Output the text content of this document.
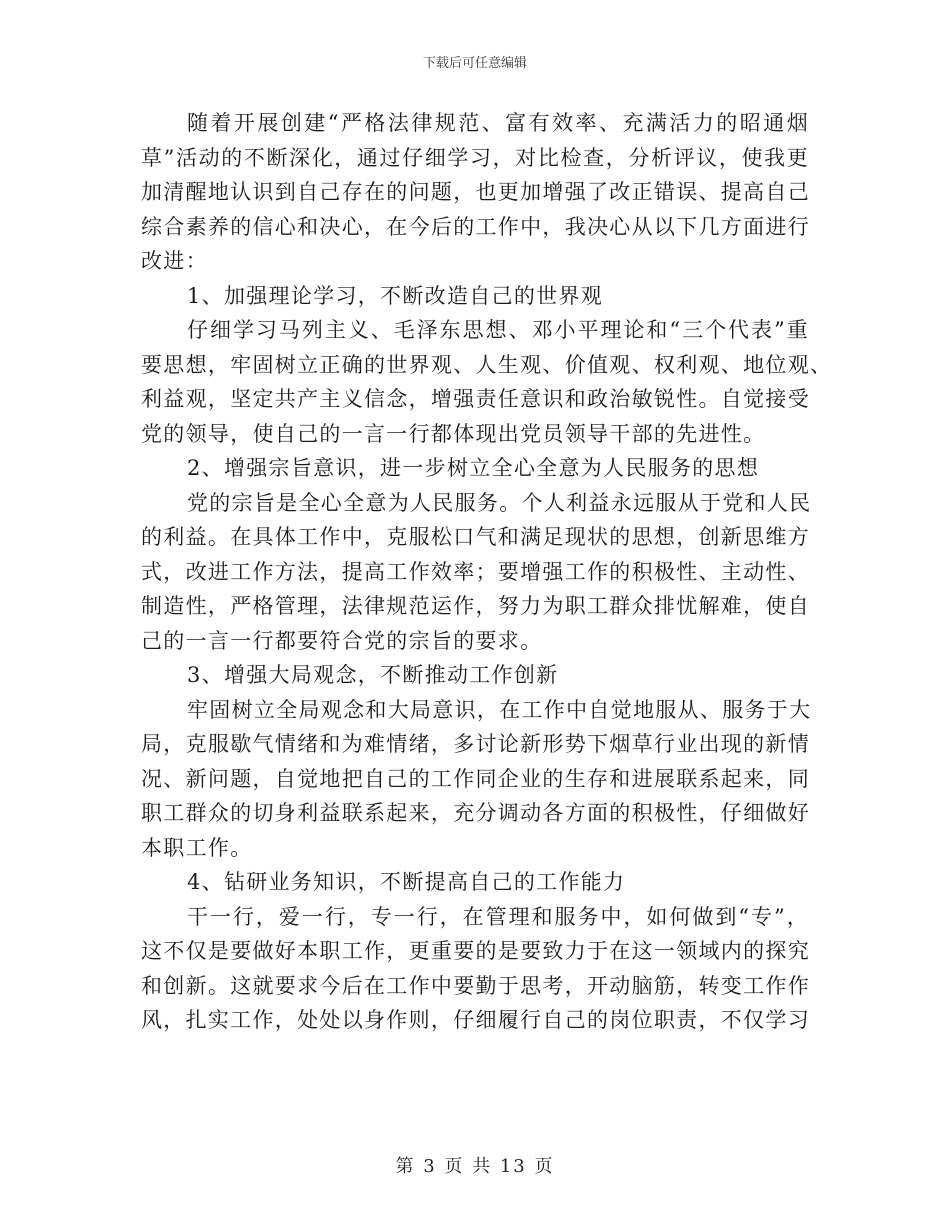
下载后可任意编辑
随着开展创建“严格法律规范、富有效率、充满活力的昭通烟
草”活动的不断深化，通过仔细学习，对比检查，分析评议，使我更
加清醒地认识到自己存在的问题，也更加增强了改正错误、提高自己
综合素养的信心和决心，在今后的工作中，我决心从以下几方面进行
改进：
1、加强理论学习，不断改造自己的世界观
仔细学习马列主义、毛泽东思想、邓小平理论和“三个代表”重
要思想，牢固树立正确的世界观、人生观、价值观、权利观、地位观、
利益观，坚定共产主义信念，增强责任意识和政治敏锐性。自觉接受
党的领导，使自己的一言一行都体现出党员领导干部的先进性。
2、增强宗旨意识，进一步树立全心全意为人民服务的思想
党的宗旨是全心全意为人民服务。个人利益永远服从于党和人民
的利益。在具体工作中，克服松口气和满足现状的思想，创新思维方
式，改进工作方法，提高工作效率；要增强工作的积极性、主动性、
制造性，严格管理，法律规范运作，努力为职工群众排忧解难，使自
己的一言一行都要符合党的宗旨的要求。
3、增强大局观念，不断推动工作创新
牢固树立全局观念和大局意识，在工作中自觉地服从、服务于大
局，克服歇气情绪和为难情绪，多讨论新形势下烟草行业出现的新情
况、新问题，自觉地把自己的工作同企业的生存和进展联系起来，同
职工群众的切身利益联系起来，充分调动各方面的积极性，仔细做好
本职工作。
4、钻研业务知识，不断提高自己的工作能力
干一行，爱一行，专一行，在管理和服务中，如何做到“专”，
这不仅是要做好本职工作，更重要的是要致力于在这一领域内的探究
和创新。这就要求今后在工作中要勤于思考，开动脑筋，转变工作作
风，扎实工作，处处以身作则，仔细履行自己的岗位职责，不仅学习
第 3 页 共 13 页
